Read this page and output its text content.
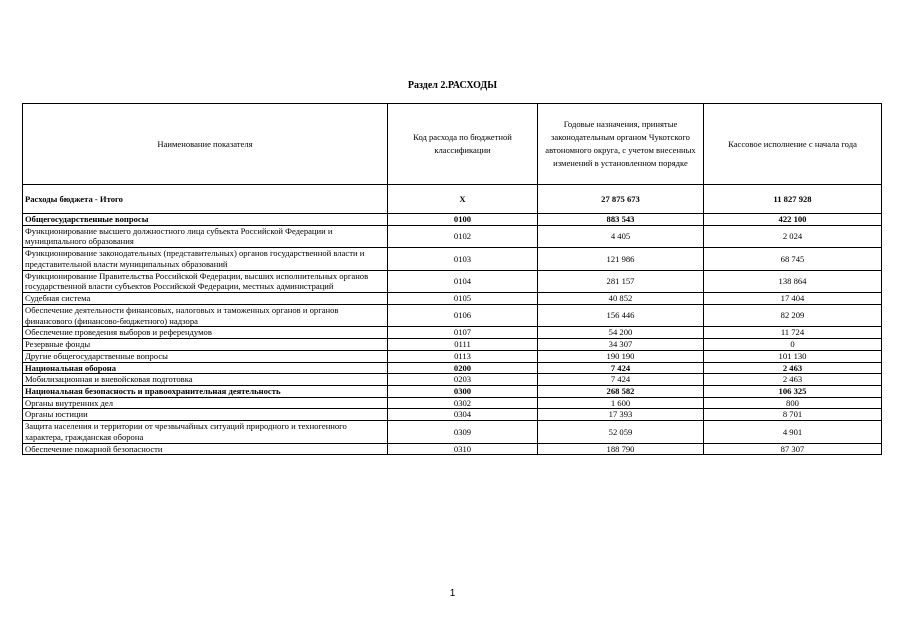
Раздел 2.РАСХОДЫ
Наименование показателя	Код расхода по бюджетной классификации	Годовые назначения, принятые законодательным органом Чукотского автономного округа, с учетом внесенных изменений в установленном порядке	Кассовое исполнение с начала года
Расходы бюджета - Итого	X	27 875 673	11 827 928
Общегосударственные вопросы	0100	883 543	422 100
Функционирование высшего должностного лица субъекта Российской Федерации и муниципального образования	0102	4 405	2 024
Функционирование законодательных (представительных) органов государственной власти и представительной власти муниципальных образований	0103	121 986	68 745
Функционирование Правительства Российской Федерации, высших исполнительных органов государственной власти субъектов Российской Федерации, местных администраций	0104	281 157	138 864
Судебная система	0105	40 852	17 404
Обеспечение деятельности финансовых, налоговых и таможенных органов и органов финансового (финансово-бюджетного) надзора	0106	156 446	82 209
Обеспечение проведения выборов и референдумов	0107	54 200	11 724
Резервные фонды	0111	34 307	0
Другие общегосударственные вопросы	0113	190 190	101 130
Национальная оборона	0200	7 424	2 463
Мобилизационная и вневойсковая подготовка	0203	7 424	2 463
Национальная безопасность и правоохранительная деятельность	0300	268 582	106 325
Органы внутренних дел	0302	1 600	800
Органы юстиции	0304	17 393	8 701
Защита населения и территории от чрезвычайных ситуаций природного и техногенного характера, гражданская оборона	0309	52 059	4 901
Обеспечение пожарной безопасности	0310	188 790	87 307
1
